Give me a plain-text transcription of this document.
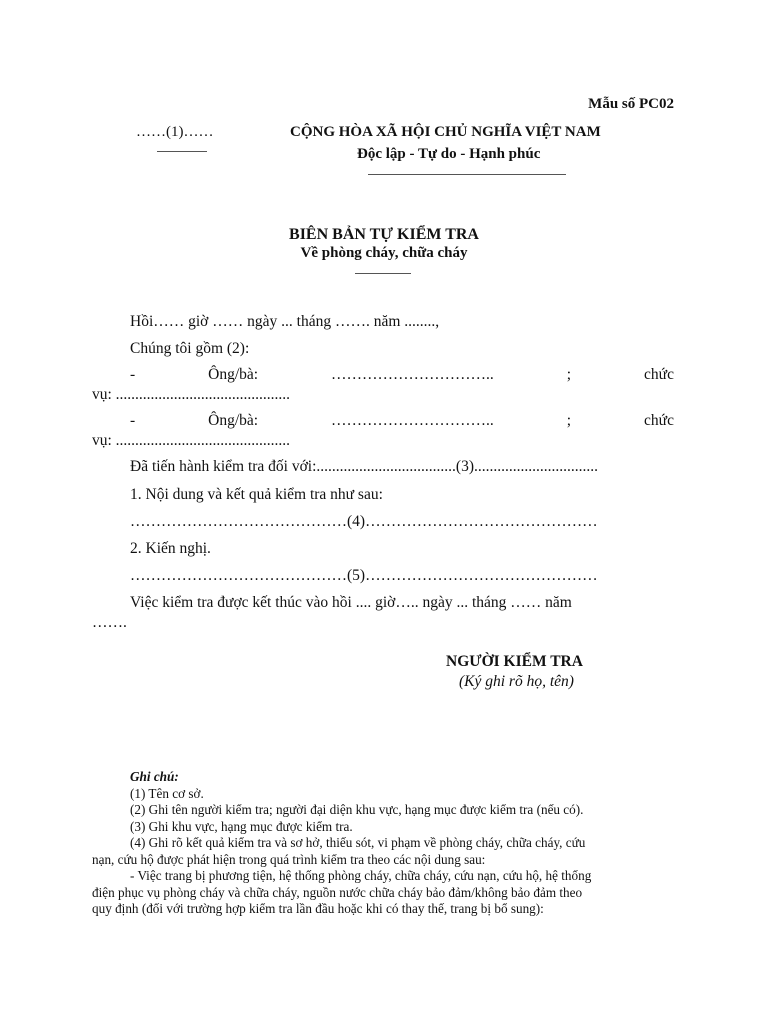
Mẫu số PC02
……(1)……	CỘNG HÒA XÃ HỘI CHỦ NGHĨA VIỆT NAM
Độc lập - Tự do - Hạnh phúc
BIÊN BẢN TỰ KIỂM TRA
Về phòng cháy, chữa cháy
Hồi…… giờ …… ngày ... tháng ……. năm ........,
Chúng tôi gồm (2):
-	Ông/bà:	…………………………..	;	chức
vụ: .............................................
-	Ông/bà:	…………………………..	;	chức
vụ: .............................................
Đã tiến hành kiểm tra đối với:....................................(3)................................
1. Nội dung và kết quả kiểm tra như sau:
……………………………………(4)………………………………………
2. Kiến nghị.
……………………………………(5)………………………………………
Việc kiểm tra được kết thúc vào hồi .... giờ….. ngày ... tháng …… năm
…….
NGƯỜI KIỂM TRA
(Ký ghi rõ họ, tên)
Ghi chú:
(1) Tên cơ sở.
(2) Ghi tên người kiểm tra; người đại diện khu vực, hạng mục được kiểm tra (nếu có).
(3) Ghi khu vực, hạng mục được kiểm tra.
(4) Ghi rõ kết quả kiểm tra và sơ hở, thiếu sót, vi phạm về phòng cháy, chữa cháy, cứu
nạn, cứu hộ được phát hiện trong quá trình kiểm tra theo các nội dung sau:
- Việc trang bị phương tiện, hệ thống phòng cháy, chữa cháy, cứu nạn, cứu hộ, hệ thống
điện phục vụ phòng cháy và chữa cháy, nguồn nước chữa cháy bảo đảm/không bảo đảm theo
quy định (đối với trường hợp kiểm tra lần đầu hoặc khi có thay thế, trang bị bổ sung):
